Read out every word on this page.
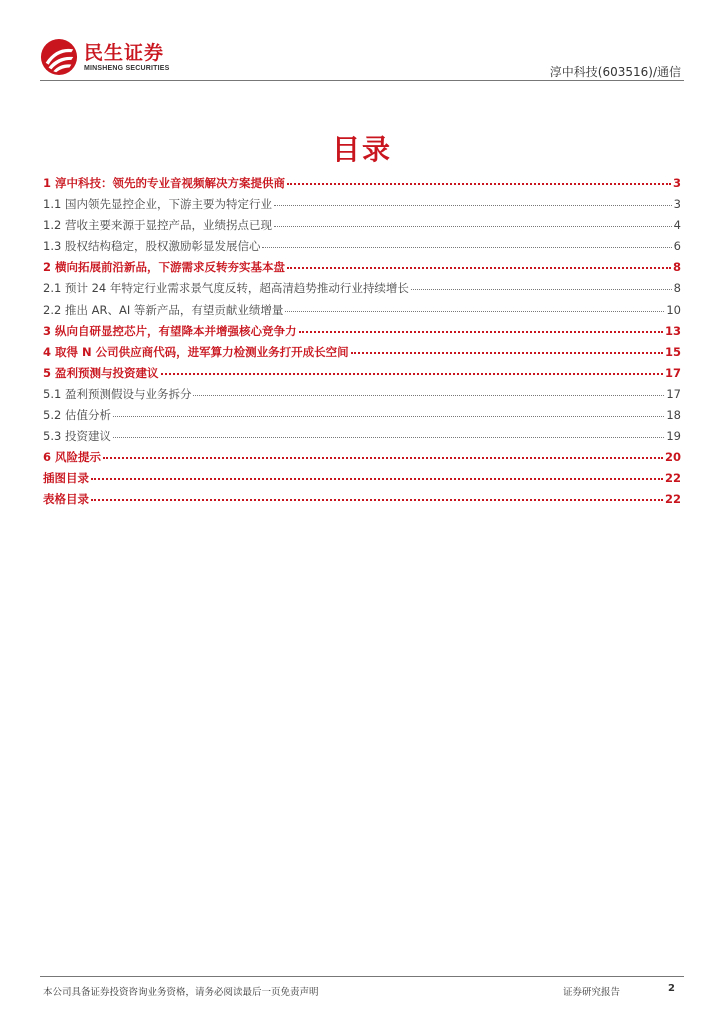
民生证券
MINSHENG SECURITIES	淳中科技(603516)/通信
目录
1 淳中科技：领先的专业音视频解决方案提供商	3
1.1 国内领先显控企业，下游主要为特定行业	3
1.2 营收主要来源于显控产品，业绩拐点已现	4
1.3 股权结构稳定，股权激励彰显发展信心	6
2 横向拓展前沿新品，下游需求反转夯实基本盘	8
2.1 预计 24 年特定行业需求景气度反转，超高清趋势推动行业持续增长	8
2.2 推出 AR、AI 等新产品，有望贡献业绩增量	10
3 纵向自研显控芯片，有望降本并增强核心竞争力	13
4 取得 N 公司供应商代码，进军算力检测业务打开成长空间	15
5 盈利预测与投资建议	17
5.1 盈利预测假设与业务拆分	17
5.2 估值分析	18
5.3 投资建议	19
6 风险提示	20
插图目录	22
表格目录	22
本公司具备证券投资咨询业务资格，请务必阅读最后一页免责声明	证券研究报告	2
